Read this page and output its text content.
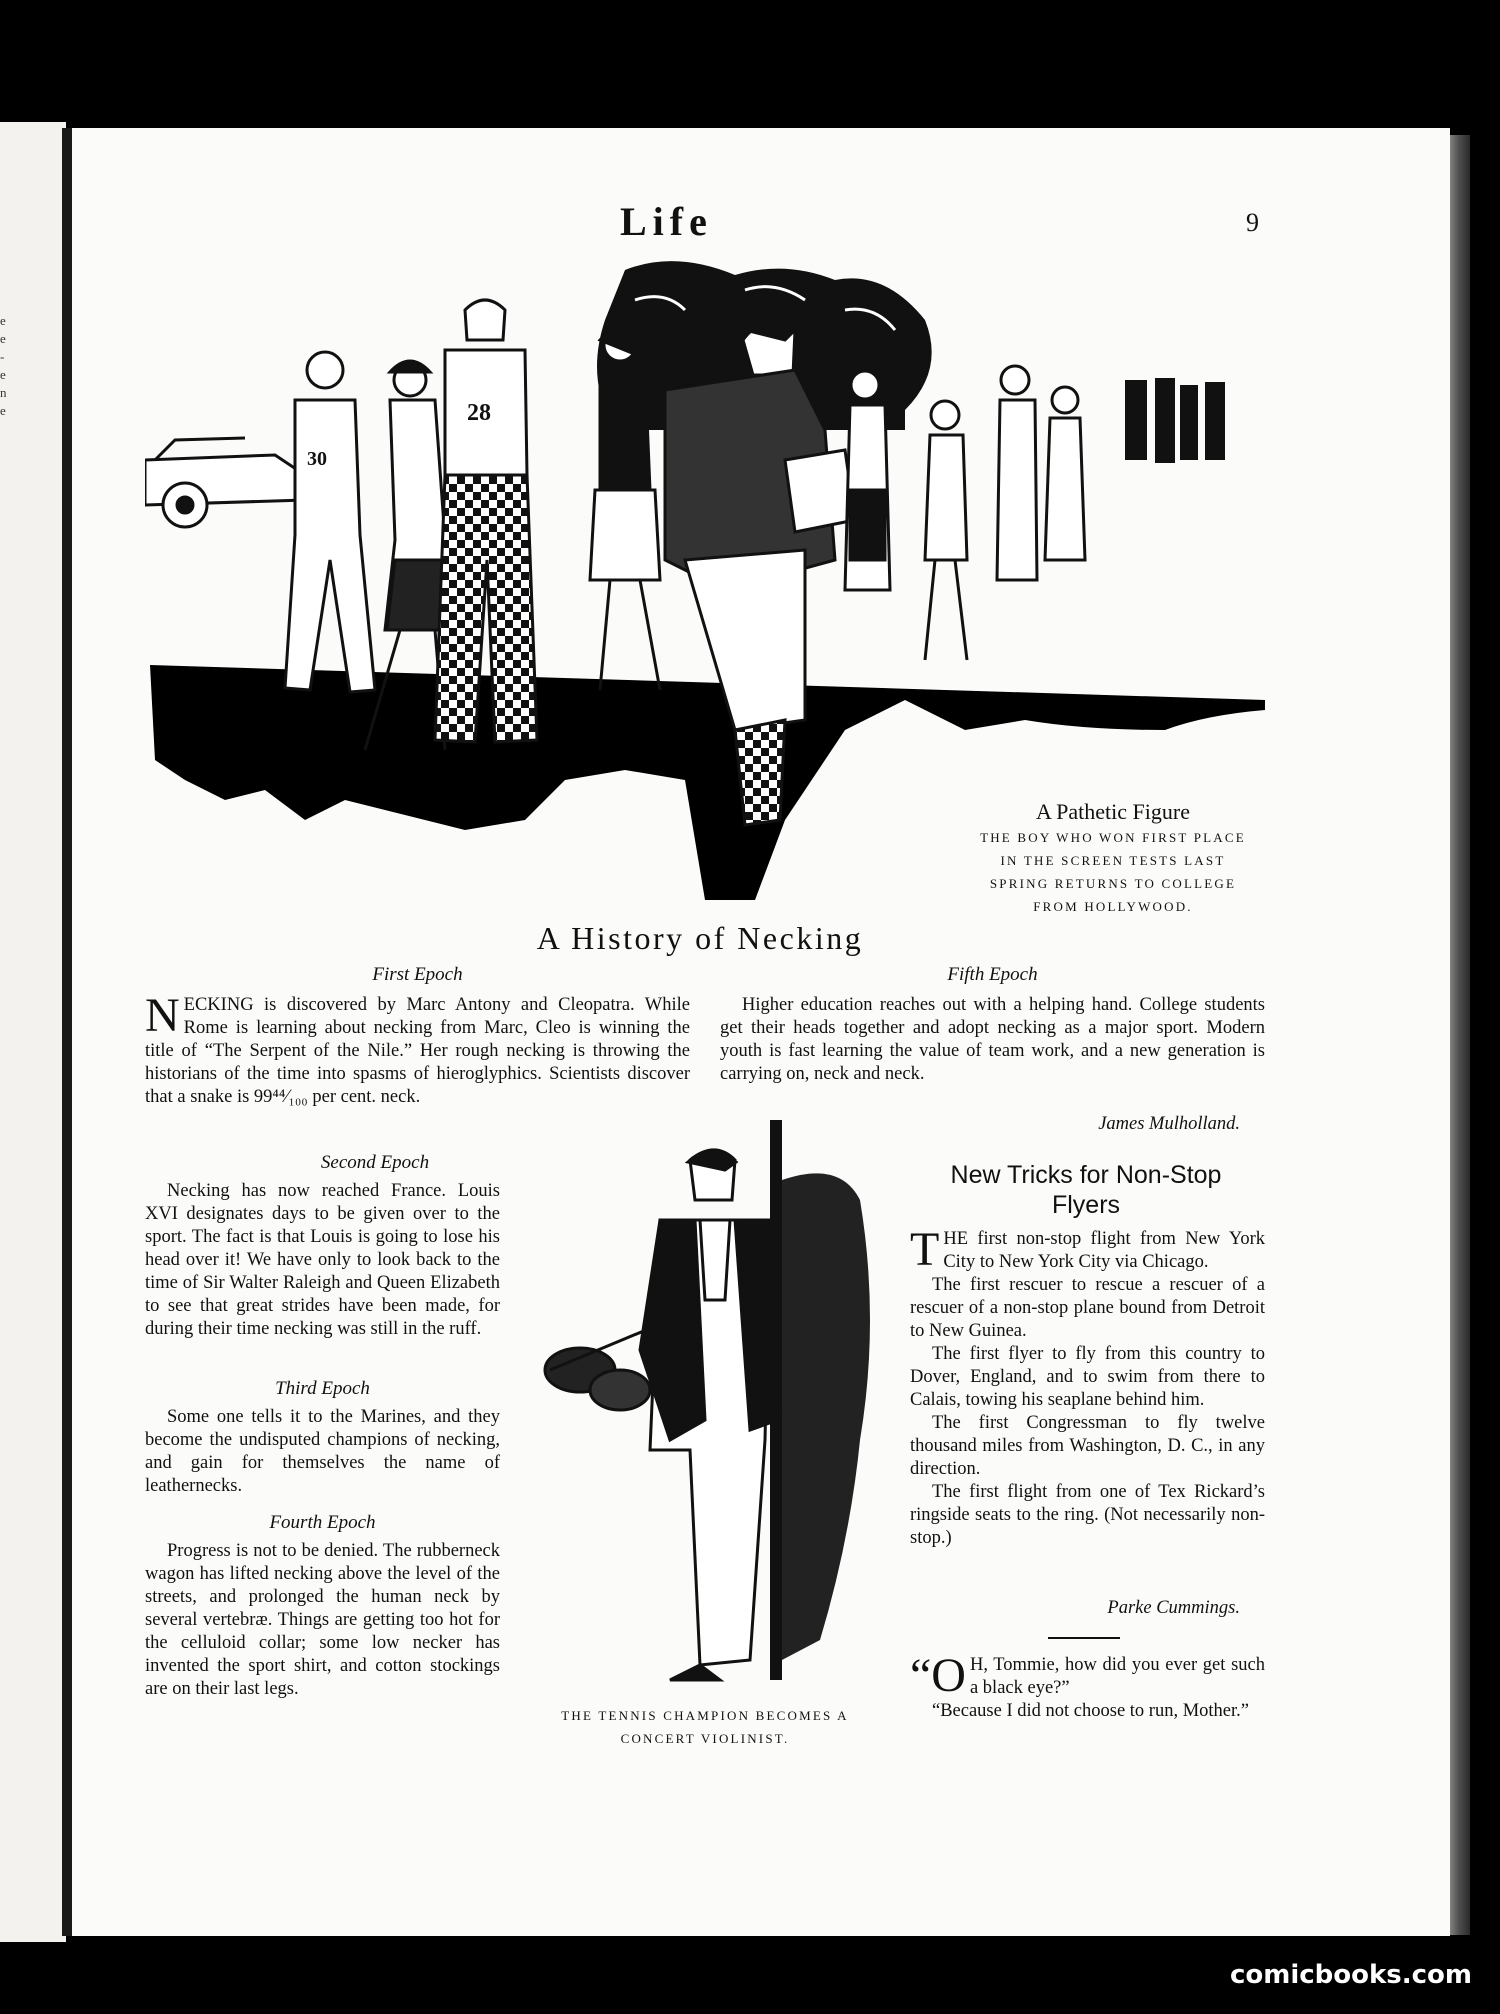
e
e
-
e
n
e
Life	9
30
28
A Pathetic Figure
THE BOY WHO WON FIRST PLACE
IN THE SCREEN TESTS LAST
SPRING RETURNS TO COLLEGE
FROM HOLLYWOOD.
A History of Necking
First Epoch

NECKING is discovered by Marc Antony and Cleopatra. While Rome is learning about necking from Marc, Cleo is winning the title of “The Serpent of the Nile.” Her rough necking is throwing the historians of the time into spasms of hieroglyphics. Scientists discover that a snake is 99⁴⁴⁄₁₀₀ per cent. neck.

Fifth Epoch

Higher education reaches out with a helping hand. College students get their heads together and adopt necking as a major sport. Modern youth is fast learning the value of team work, and a new generation is carrying on, neck and neck.

James Mulholland.
Second Epoch

Necking has now reached France. Louis XVI designates days to be given over to the sport. The fact is that Louis is going to lose his head over it! We have only to look back to the time of Sir Walter Raleigh and Queen Elizabeth to see that great strides have been made, for during their time necking was still in the ruff.

Third Epoch

Some one tells it to the Marines, and they become the undisputed champions of necking, and gain for themselves the name of leathernecks.

Fourth Epoch

Progress is not to be denied. The rubberneck wagon has lifted necking above the level of the streets, and prolonged the human neck by several vertebræ. Things are getting too hot for the celluloid collar; some low necker has invented the sport shirt, and cotton stockings are on their last legs.

THE TENNIS CHAMPION BECOMES A
CONCERT VIOLINIST.
New Tricks for Non-Stop
Flyers

THE first non-stop flight from New York City to New York City via Chicago.

The first rescuer to rescue a rescuer of a rescuer of a non-stop plane bound from Detroit to New Guinea.

The first flyer to fly from this country to Dover, England, and to swim from there to Calais, towing his seaplane behind him.

The first Congressman to fly twelve thousand miles from Washington, D. C., in any direction.

The first flight from one of Tex Rickard’s ringside seats to the ring. (Not necessarily non-stop.)

Parke Cummings.

“O H, Tommie, how did you ever get such a black eye?”

“Because I did not choose to run, Mother.”

comicbooks.com
